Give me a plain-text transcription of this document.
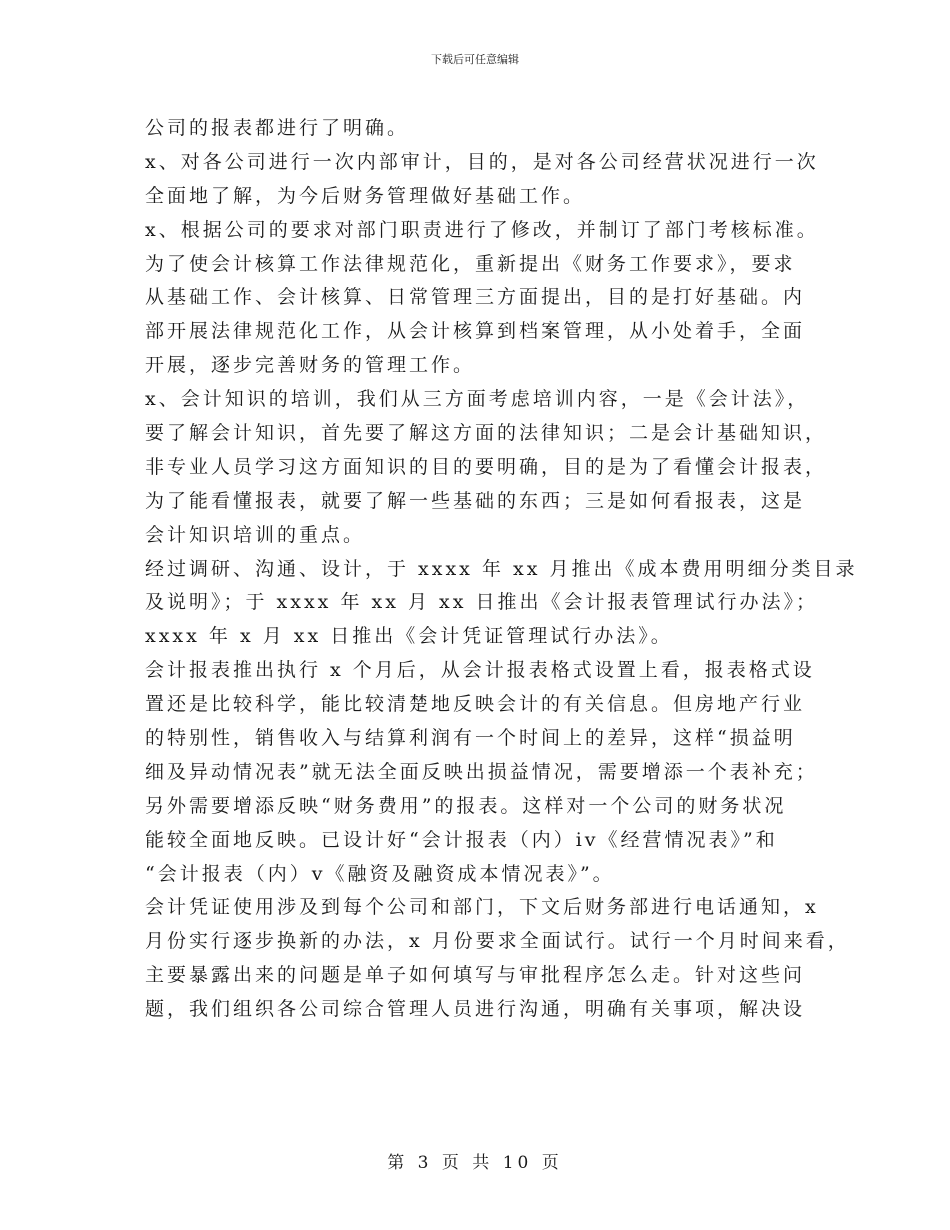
下载后可任意编辑
公司的报表都进行了明确。
x、对各公司进行一次内部审计，目的，是对各公司经营状况进行一次
全面地了解，为今后财务管理做好基础工作。
x、根据公司的要求对部门职责进行了修改，并制订了部门考核标准。
为了使会计核算工作法律规范化，重新提出《财务工作要求》，要求
从基础工作、会计核算、日常管理三方面提出，目的是打好基础。内
部开展法律规范化工作，从会计核算到档案管理，从小处着手，全面
开展，逐步完善财务的管理工作。
x、会计知识的培训，我们从三方面考虑培训内容，一是《会计法》，
要了解会计知识，首先要了解这方面的法律知识；二是会计基础知识，
非专业人员学习这方面知识的目的要明确，目的是为了看懂会计报表，
为了能看懂报表，就要了解一些基础的东西；三是如何看报表，这是
会计知识培训的重点。
经过调研、沟通、设计，于 xxxx 年 xx 月推出《成本费用明细分类目录
及说明》；于 xxxx 年 xx 月 xx 日推出《会计报表管理试行办法》；
xxxx 年 x 月 xx 日推出《会计凭证管理试行办法》。
会计报表推出执行 x 个月后，从会计报表格式设置上看，报表格式设
置还是比较科学，能比较清楚地反映会计的有关信息。但房地产行业
的特别性，销售收入与结算利润有一个时间上的差异，这样“损益明
细及异动情况表”就无法全面反映出损益情况，需要增添一个表补充；
另外需要增添反映“财务费用”的报表。这样对一个公司的财务状况
能较全面地反映。已设计好“会计报表（内）iv《经营情况表》”和
“会计报表（内）v《融资及融资成本情况表》”。
会计凭证使用涉及到每个公司和部门，下文后财务部进行电话通知，x
月份实行逐步换新的办法，x 月份要求全面试行。试行一个月时间来看，
主要暴露出来的问题是单子如何填写与审批程序怎么走。针对这些问
题，我们组织各公司综合管理人员进行沟通，明确有关事项，解决设
第 3 页 共 10 页
